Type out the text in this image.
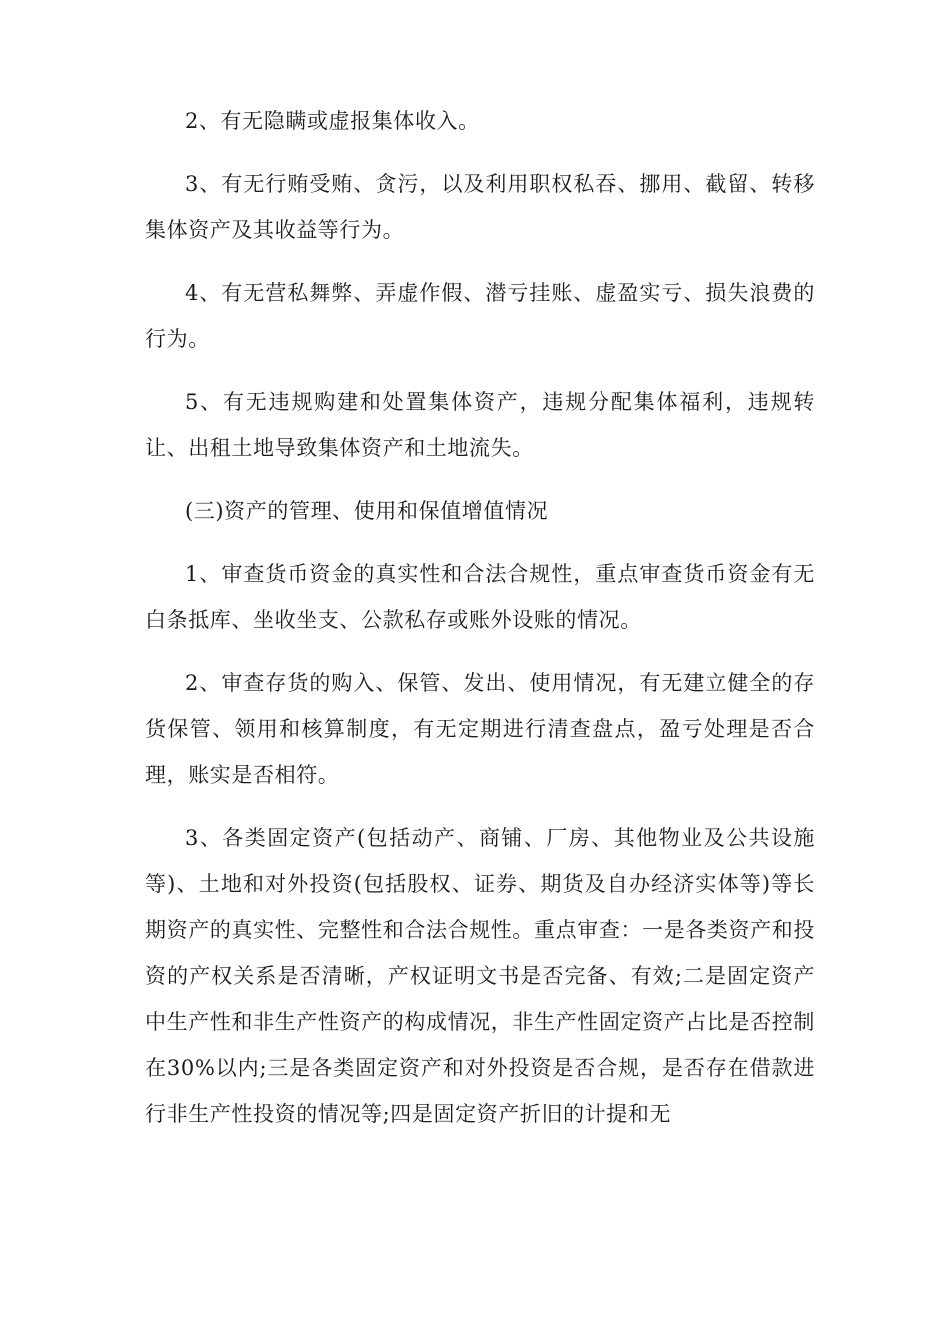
2、有无隐瞒或虚报集体收入。

3、有无行贿受贿、贪污，以及利用职权私吞、挪用、截留、转移集体资产及其收益等行为。

4、有无营私舞弊、弄虚作假、潜亏挂账、虚盈实亏、损失浪费的行为。

5、有无违规购建和处置集体资产，违规分配集体福利，违规转让、出租土地导致集体资产和土地流失。

(三)资产的管理、使用和保值增值情况

1、审查货币资金的真实性和合法合规性，重点审查货币资金有无白条抵库、坐收坐支、公款私存或账外设账的情况。

2、审查存货的购入、保管、发出、使用情况，有无建立健全的存货保管、领用和核算制度，有无定期进行清查盘点，盈亏处理是否合理，账实是否相符。

3、各类固定资产(包括动产、商铺、厂房、其他物业及公共设施等)、土地和对外投资(包括股权、证券、期货及自办经济实体等)等长期资产的真实性、完整性和合法合规性。重点审查：一是各类资产和投资的产权关系是否清晰，产权证明文书是否完备、有效;二是固定资产中生产性和非生产性资产的构成情况，非生产性固定资产占比是否控制在30%以内;三是各类固定资产和对外投资是否合规，是否存在借款进行非生产性投资的情况等;四是固定资产折旧的计提和无
